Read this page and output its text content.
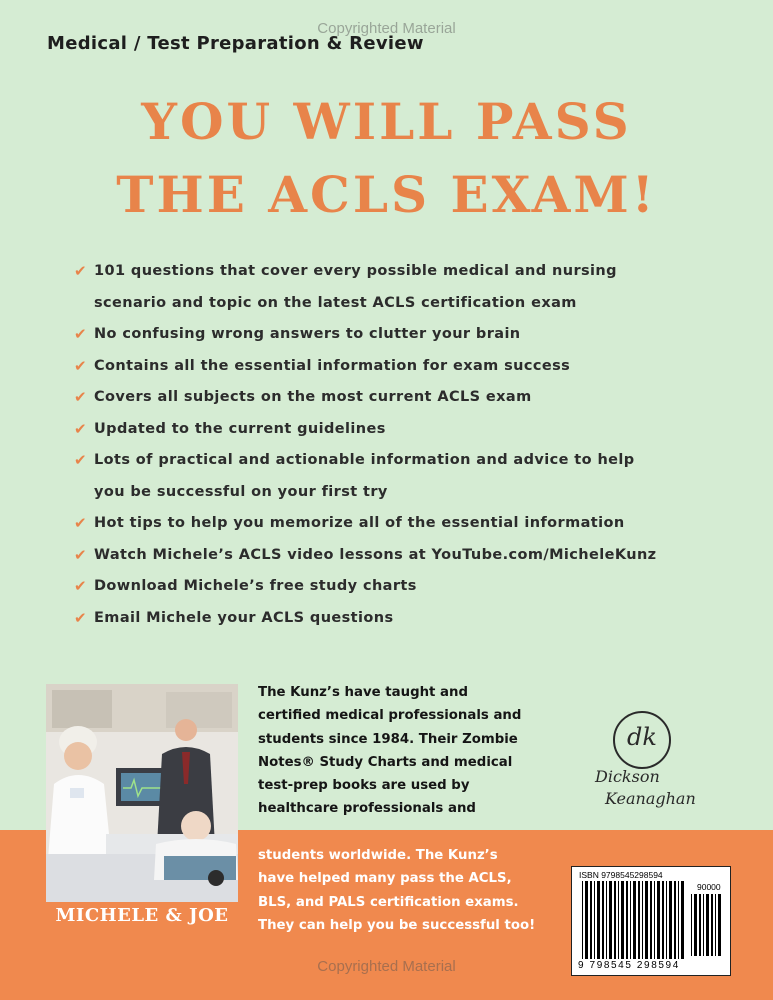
Copyrighted Material
Medical / Test Preparation & Review
YOU WILL PASS
THE ACLS EXAM!
✔ 101 questions that cover every possible medical and nursing
scenario and topic on the latest ACLS certification exam
✔ No confusing wrong answers to clutter your brain
✔ Contains all the essential information for exam success
✔ Covers all subjects on the most current ACLS exam
✔ Updated to the current guidelines
✔ Lots of practical and actionable information and advice to help
you be successful on your first try
✔ Hot tips to help you memorize all of the essential information
✔ Watch Michele’s ACLS video lessons at YouTube.com/MicheleKunz
✔ Download Michele’s free study charts
✔ Email Michele your ACLS questions
MICHELE & JOE
The Kunz’s have taught and
certified medical professionals and
students since 1984. Their Zombie
Notes® Study Charts and medical
test-prep books are used by
healthcare professionals and
students worldwide. The Kunz’s
have helped many pass the ACLS,
BLS, and PALS certification exams.
They can help you be successful too!
dk
Dickson
Keanaghan
ISBN 9798545298594
90000
9 798545 298594
Copyrighted Material
